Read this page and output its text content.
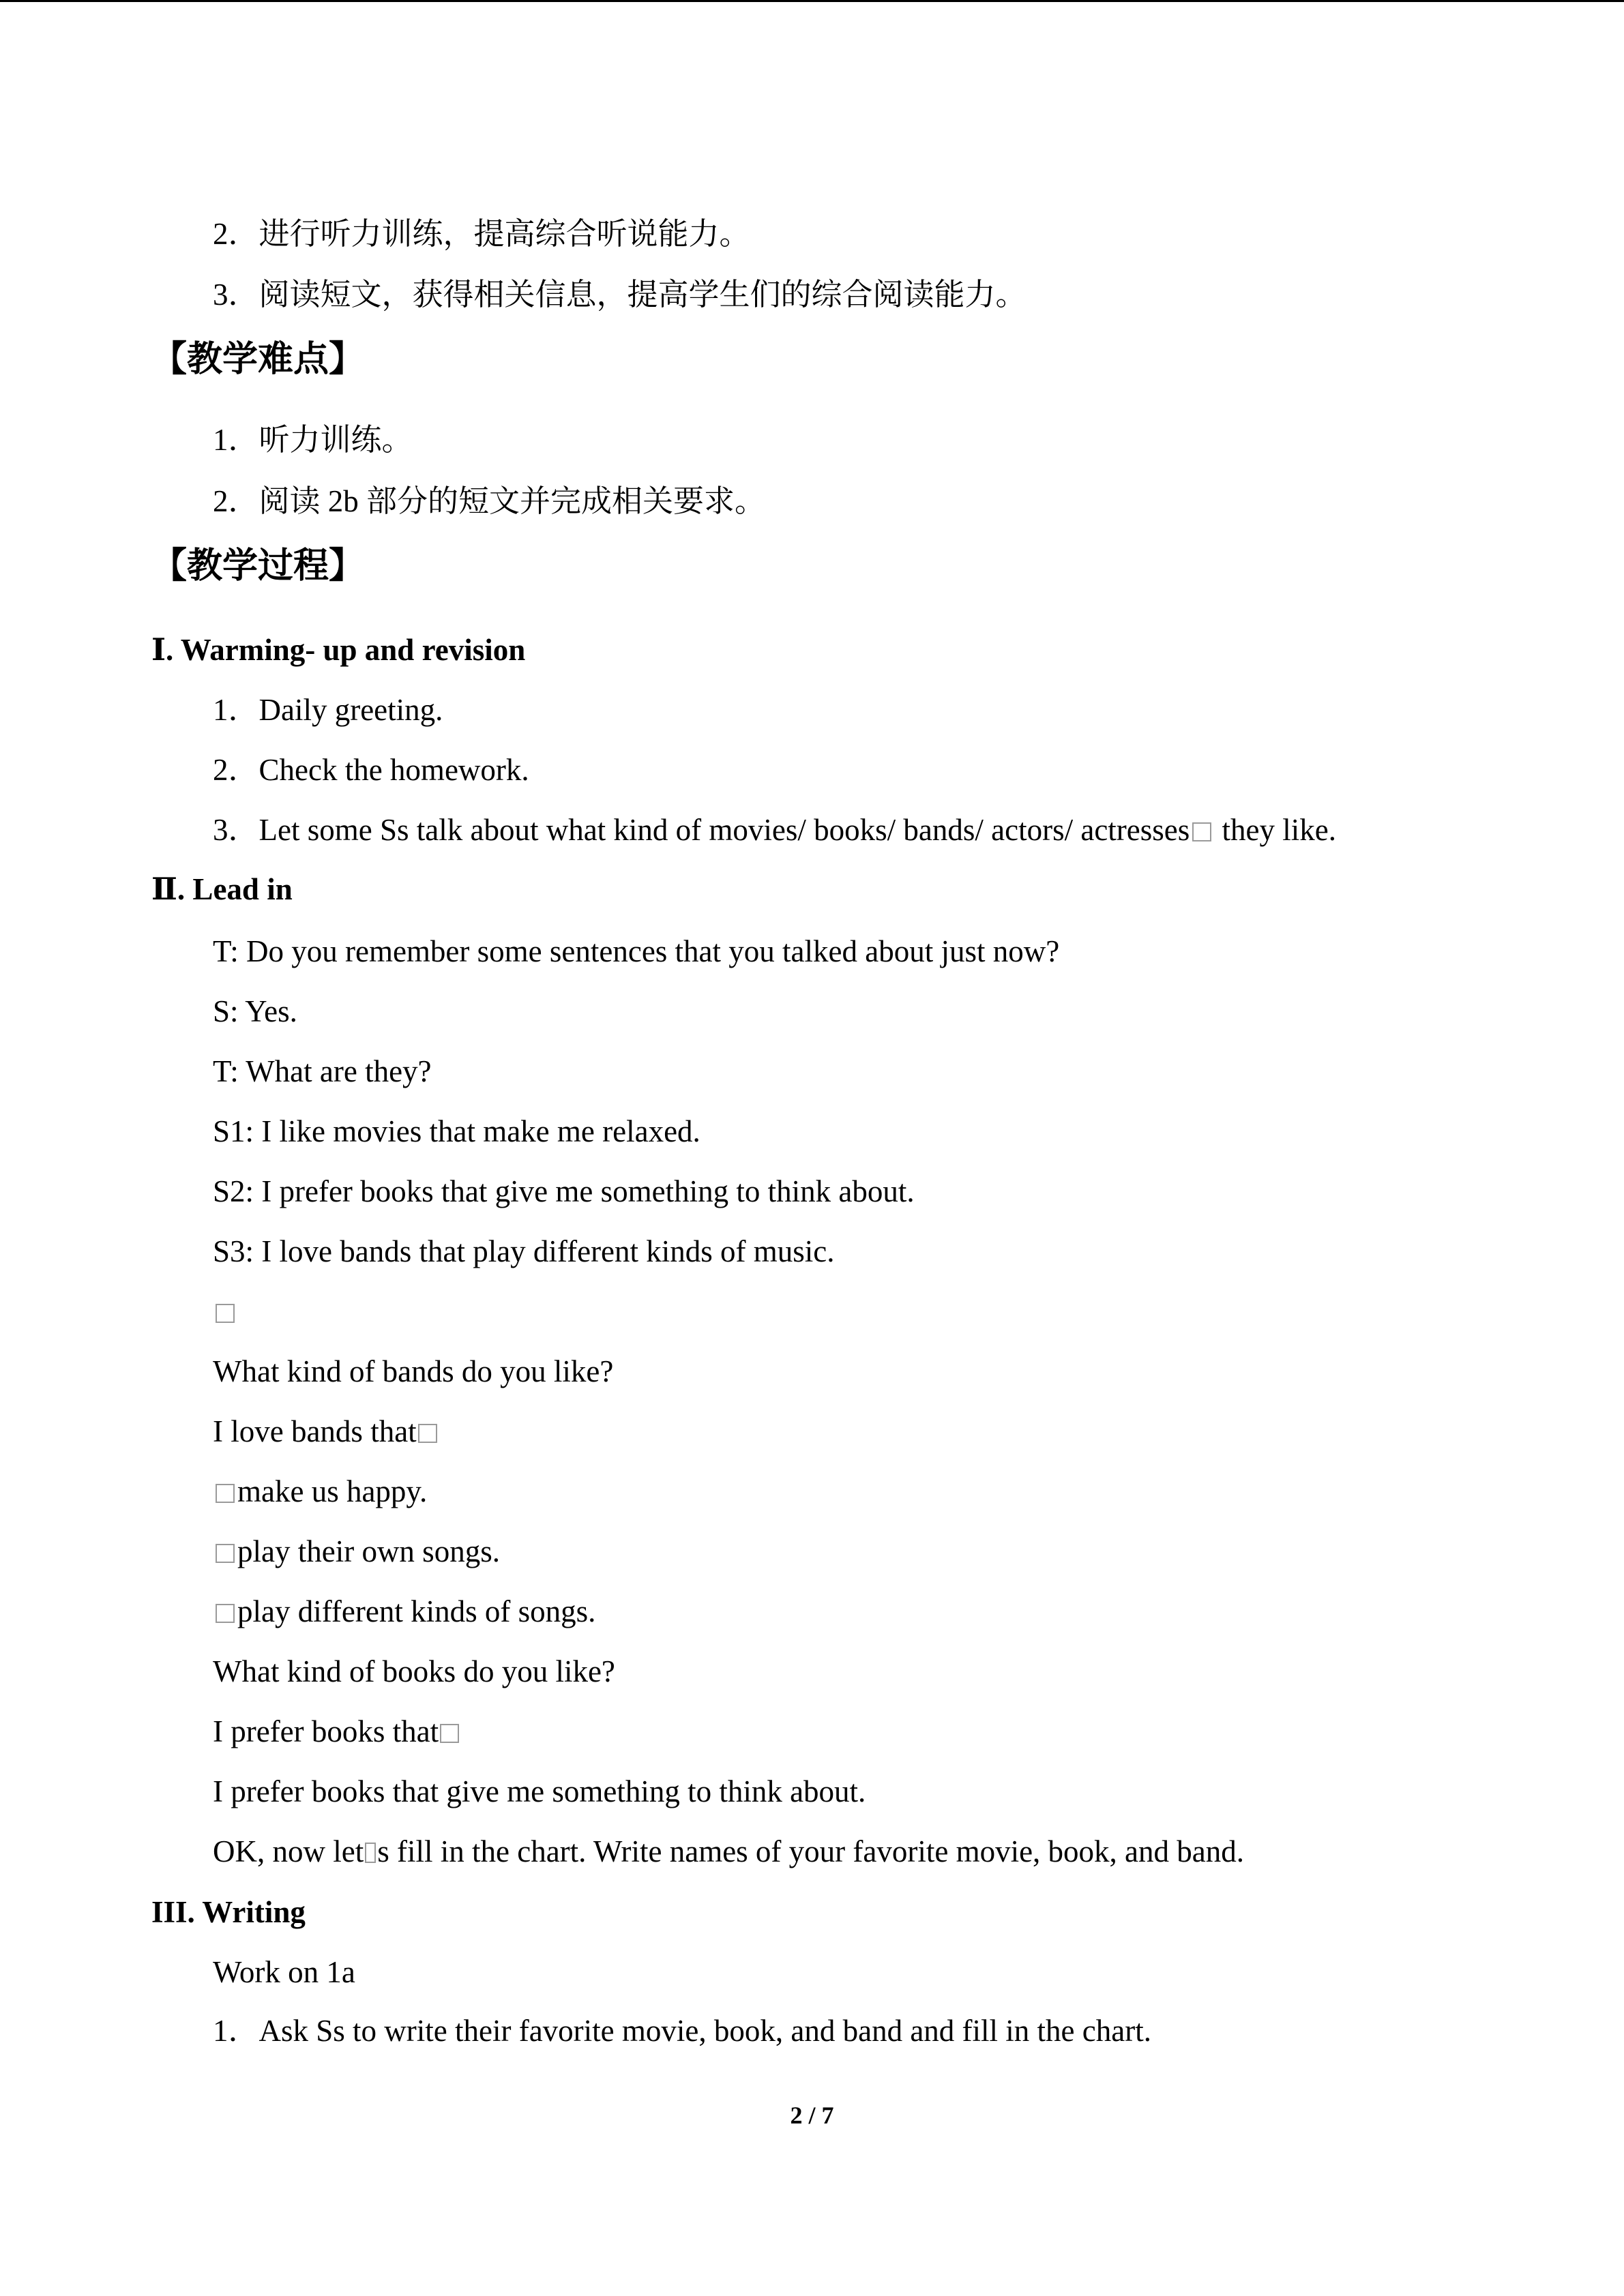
2．进行听力训练，提高综合听说能力。
3．阅读短文，获得相关信息，提高学生们的综合阅读能力。
【教学难点】
1．听力训练。
2．阅读 2b 部分的短文并完成相关要求。
【教学过程】
Ⅰ. Warming- up and revision
1．Daily greeting.
2．Check the homework.
3．Let some Ss talk about what kind of movies/ books/ bands/ actors/ actresses they like.
Ⅱ. Lead in
T: Do you remember some sentences that you talked about just now?
S: Yes.
T: What are they?
S1: I like movies that make me relaxed.
S2: I prefer books that give me something to think about.
S3: I love bands that play different kinds of music.
What kind of bands do you like?
I love bands that
make us happy.
play their own songs.
play different kinds of songs.
What kind of books do you like?
I prefer books that
I prefer books that give me something to think about.
OK, now let s fill in the chart. Write names of your favorite movie, book, and band.
III. Writing
Work on 1a
1．Ask Ss to write their favorite movie, book, and band and fill in the chart.
2 / 7
